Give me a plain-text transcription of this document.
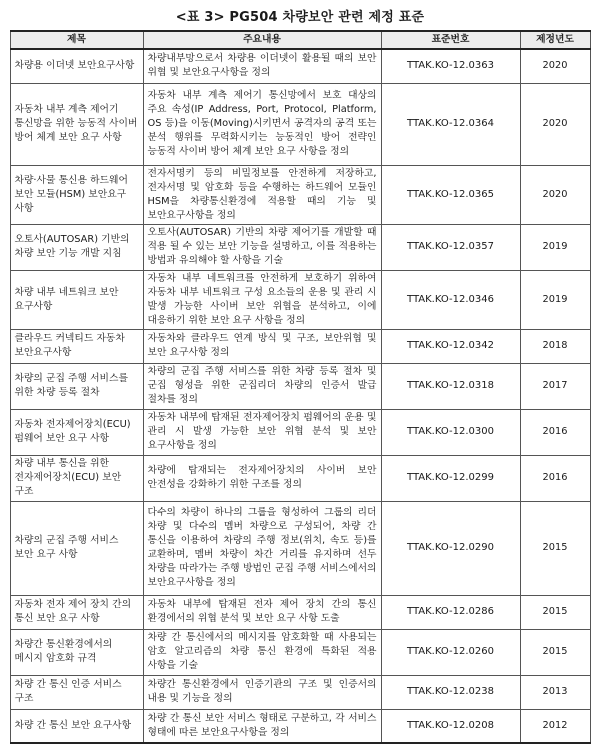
<표 3> PG504 차량보안 관련 제정 표준
제목	주요내용	표준번호	제정년도
차량용 이더넷 보안요구사항	차량내부망으로서 차량용 이더넷이 활용될 때의 보안 위협 및 보안요구사항을 정의	TTAK.KO-12.0363	2020
자동차 내부 계측 제어기 통신망을 위한 능동적 사이버 방어 체계 보안 요구 사항	자동차 내부 계측 제어기 통신망에서 보호 대상의 주요 속성(IP Address, Port, Protocol, Platform, OS 등)을 이동(Moving)시키면서 공격자의 공격 또는 분석 행위를 무력화시키는 능동적인 방어 전략인 능동적 사이버 방어 체계 보안 요구 사항을 정의	TTAK.KO-12.0364	2020
차량·사물 통신용 하드웨어 보안 모듈(HSM) 보안요구 사항	전자서명키 등의 비밀정보를 안전하게 저장하고, 전자서명 및 암호화 등을 수행하는 하드웨어 모듈인 HSM을 차량통신환경에 적용할 때의 기능 및 보안요구사항을 정의	TTAK.KO-12.0365	2020
오토사(AUTOSAR) 기반의 차량 보안 기능 개발 지침	오토사(AUTOSAR) 기반의 차량 제어기를 개발할 때 적용 될 수 있는 보안 기능을 설명하고, 이를 적용하는 방법과 유의해야 할 사항을 기술	TTAK.KO-12.0357	2019
차량 내부 네트워크 보안 요구사항	자동차 내부 네트워크를 안전하게 보호하기 위하여 자동차 내부 네트워크 구성 요소들의 운용 및 관리 시 발생 가능한 사이버 보안 위협을 분석하고, 이에 대응하기 위한 보안 요구 사항을 정의	TTAK.KO-12.0346	2019
클라우드 커넥티드 자동차 보안요구사항	자동차와 클라우드 연계 방식 및 구조, 보안위협 및 보안 요구사항 정의	TTAK.KO-12.0342	2018
차량의 군집 주행 서비스를 위한 차량 등록 절차	차량의 군집 주행 서비스를 위한 차량 등록 절차 및 군집 형성을 위한 군집리더 차량의 인증서 발급 절차를 정의	TTAK.KO-12.0318	2017
자동차 전자제어장치(ECU) 펌웨어 보안 요구 사항	자동차 내부에 탑재된 전자제어장치 펌웨어의 운용 및 관리 시 발생 가능한 보안 위협 분석 및 보안 요구사항을 정의	TTAK.KO-12.0300	2016
차량 내부 통신을 위한 전자제어장치(ECU) 보안 구조	차량에 탑재되는 전자제어장치의 사이버 보안 안전성을 강화하기 위한 구조를 정의	TTAK.KO-12.0299	2016
차량의 군집 주행 서비스 보안 요구 사항	다수의 차량이 하나의 그룹을 형성하여 그룹의 리더 차량 및 다수의 멤버 차량으로 구성되어, 차량 간 통신을 이용하여 차량의 주행 정보(위치, 속도 등)를 교환하며, 멤버 차량이 차간 거리를 유지하며 선두 차량을 따라가는 주행 방법인 군집 주행 서비스에서의 보안요구사항을 정의	TTAK.KO-12.0290	2015
자동차 전자 제어 장치 간의 통신 보안 요구 사항	자동차 내부에 탑재된 전자 제어 장치 간의 통신 환경에서의 위협 분석 및 보안 요구 사항 도출	TTAK.KO-12.0286	2015
차량간 통신환경에서의 메시지 암호화 규격	차량 간 통신에서의 메시지를 암호화할 때 사용되는 암호 알고리즘의 차량 통신 환경에 특화된 적용 사항을 기술	TTAK.KO-12.0260	2015
차량 간 통신 인증 서비스 구조	차량간 통신환경에서 인증기관의 구조 및 인증서의 내용 및 기능을 정의	TTAK.KO-12.0238	2013
차량 간 통신 보안 요구사항	차량 간 통신 보안 서비스 형태로 구분하고, 각 서비스 형태에 따른 보안요구사항을 정의	TTAK.KO-12.0208	2012
